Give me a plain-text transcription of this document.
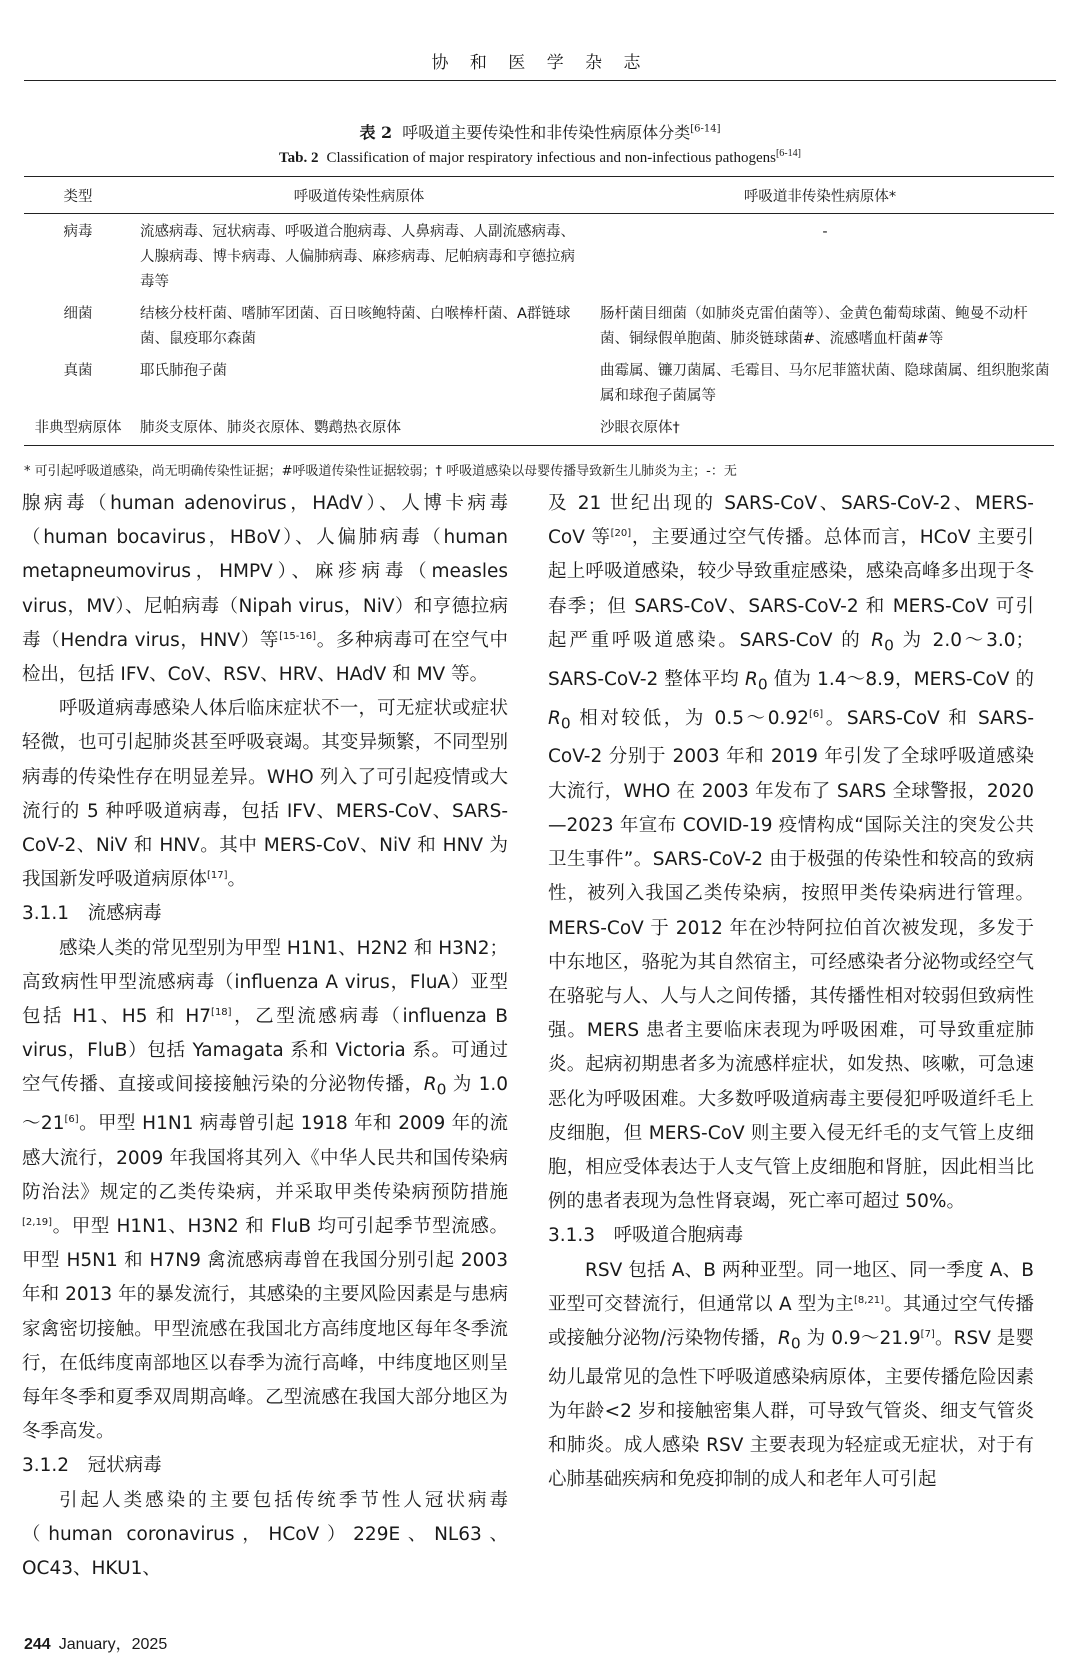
协 和 医 学 杂 志
表 2 呼吸道主要传染性和非传染性病原体分类[6-14]
Tab. 2 Classification of major respiratory infectious and non-infectious pathogens[6-14]
类型	呼吸道传染性病原体	呼吸道非传染性病原体*
病毒	流感病毒、冠状病毒、呼吸道合胞病毒、人鼻病毒、人副流感病毒、人腺病毒、博卡病毒、人偏肺病毒、麻疹病毒、尼帕病毒和亨德拉病毒等	-
细菌	结核分枝杆菌、嗜肺军团菌、百日咳鲍特菌、白喉棒杆菌、A群链球菌、鼠疫耶尔森菌	肠杆菌目细菌（如肺炎克雷伯菌等）、金黄色葡萄球菌、鲍曼不动杆菌、铜绿假单胞菌、肺炎链球菌#、流感嗜血杆菌#等
真菌	耶氏肺孢子菌	曲霉属、镰刀菌属、毛霉目、马尔尼菲篮状菌、隐球菌属、组织胞浆菌属和球孢子菌属等
非典型病原体	肺炎支原体、肺炎衣原体、鹦鹉热衣原体	沙眼衣原体†
* 可引起呼吸道感染，尚无明确传染性证据；#呼吸道传染性证据较弱；† 呼吸道感染以母婴传播导致新生儿肺炎为主；-：无

腺病毒（human adenovirus，HAdV）、人博卡病毒（human bocavirus，HBoV）、人偏肺病毒（human metapneumovirus，HMPV）、麻疹病毒（measles virus，MV）、尼帕病毒（Nipah virus，NiV）和亨德拉病毒（Hendra virus，HNV）等[15-16]。多种病毒可在空气中检出，包括 IFV、CoV、RSV、HRV、HAdV 和 MV 等。

呼吸道病毒感染人体后临床症状不一，可无症状或症状轻微，也可引起肺炎甚至呼吸衰竭。其变异频繁，不同型别病毒的传染性存在明显差异。WHO 列入了可引起疫情或大流行的 5 种呼吸道病毒，包括 IFV、MERS-CoV、SARS-CoV-2、NiV 和 HNV。其中 MERS-CoV、NiV 和 HNV 为我国新发呼吸道病原体[17]。

3.1.1 流感病毒

感染人类的常见型别为甲型 H1N1、H2N2 和 H3N2；高致病性甲型流感病毒（influenza A virus，FluA）亚型包括 H1、H5 和 H7[18]，乙型流感病毒（influenza B virus，FluB）包括 Yamagata 系和 Victoria 系。可通过空气传播、直接或间接接触污染的分泌物传播，$R_0$ 为 1.0～21[6]。甲型 H1N1 病毒曾引起 1918 年和 2009 年的流感大流行，2009 年我国将其列入《中华人民共和国传染病防治法》规定的乙类传染病，并采取甲类传染病预防措施[2,19]。甲型 H1N1、H3N2 和 FluB 均可引起季节型流感。甲型 H5N1 和 H7N9 禽流感病毒曾在我国分别引起 2003 年和 2013 年的暴发流行，其感染的主要风险因素是与患病家禽密切接触。甲型流感在我国北方高纬度地区每年冬季流行，在低纬度南部地区以春季为流行高峰，中纬度地区则呈每年冬季和夏季双周期高峰。乙型流感在我国大部分地区为冬季高发。

3.1.2 冠状病毒

引起人类感染的主要包括传统季节性人冠状病毒（human coronavirus，HCoV）229E、NL63、OC43、HKU1、

及 21 世纪出现的 SARS-CoV、SARS-CoV-2、MERS-CoV 等[20]，主要通过空气传播。总体而言，HCoV 主要引起上呼吸道感染，较少导致重症感染，感染高峰多出现于冬春季；但 SARS-CoV、SARS-CoV-2 和 MERS-CoV 可引起严重呼吸道感染。SARS-CoV 的 $R_0$ 为 2.0～3.0；SARS-CoV-2 整体平均 $R_0$ 值为 1.4～8.9，MERS-CoV 的 $R_0$ 相对较低，为 0.5～0.92[6]。SARS-CoV 和 SARS-CoV-2 分别于 2003 年和 2019 年引发了全球呼吸道感染大流行，WHO 在 2003 年发布了 SARS 全球警报，2020—2023 年宣布 COVID-19 疫情构成“国际关注的突发公共卫生事件”。SARS-CoV-2 由于极强的传染性和较高的致病性，被列入我国乙类传染病，按照甲类传染病进行管理。MERS-CoV 于 2012 年在沙特阿拉伯首次被发现，多发于中东地区，骆驼为其自然宿主，可经感染者分泌物或经空气在骆驼与人、人与人之间传播，其传播性相对较弱但致病性强。MERS 患者主要临床表现为呼吸困难，可导致重症肺炎。起病初期患者多为流感样症状，如发热、咳嗽，可急速恶化为呼吸困难。大多数呼吸道病毒主要侵犯呼吸道纤毛上皮细胞，但 MERS-CoV 则主要入侵无纤毛的支气管上皮细胞，相应受体表达于人支气管上皮细胞和肾脏，因此相当比例的患者表现为急性肾衰竭，死亡率可超过 50%。

3.1.3 呼吸道合胞病毒

RSV 包括 A、B 两种亚型。同一地区、同一季度 A、B 亚型可交替流行，但通常以 A 型为主[8,21]。其通过空气传播或接触分泌物/污染物传播，$R_0$ 为 0.9～21.9[7]。RSV 是婴幼儿最常见的急性下呼吸道感染病原体，主要传播危险因素为年龄<2 岁和接触密集人群，可导致气管炎、细支气管炎和肺炎。成人感染 RSV 主要表现为轻症或无症状，对于有心肺基础疾病和免疫抑制的成人和老年人可引起

244 January，2025
